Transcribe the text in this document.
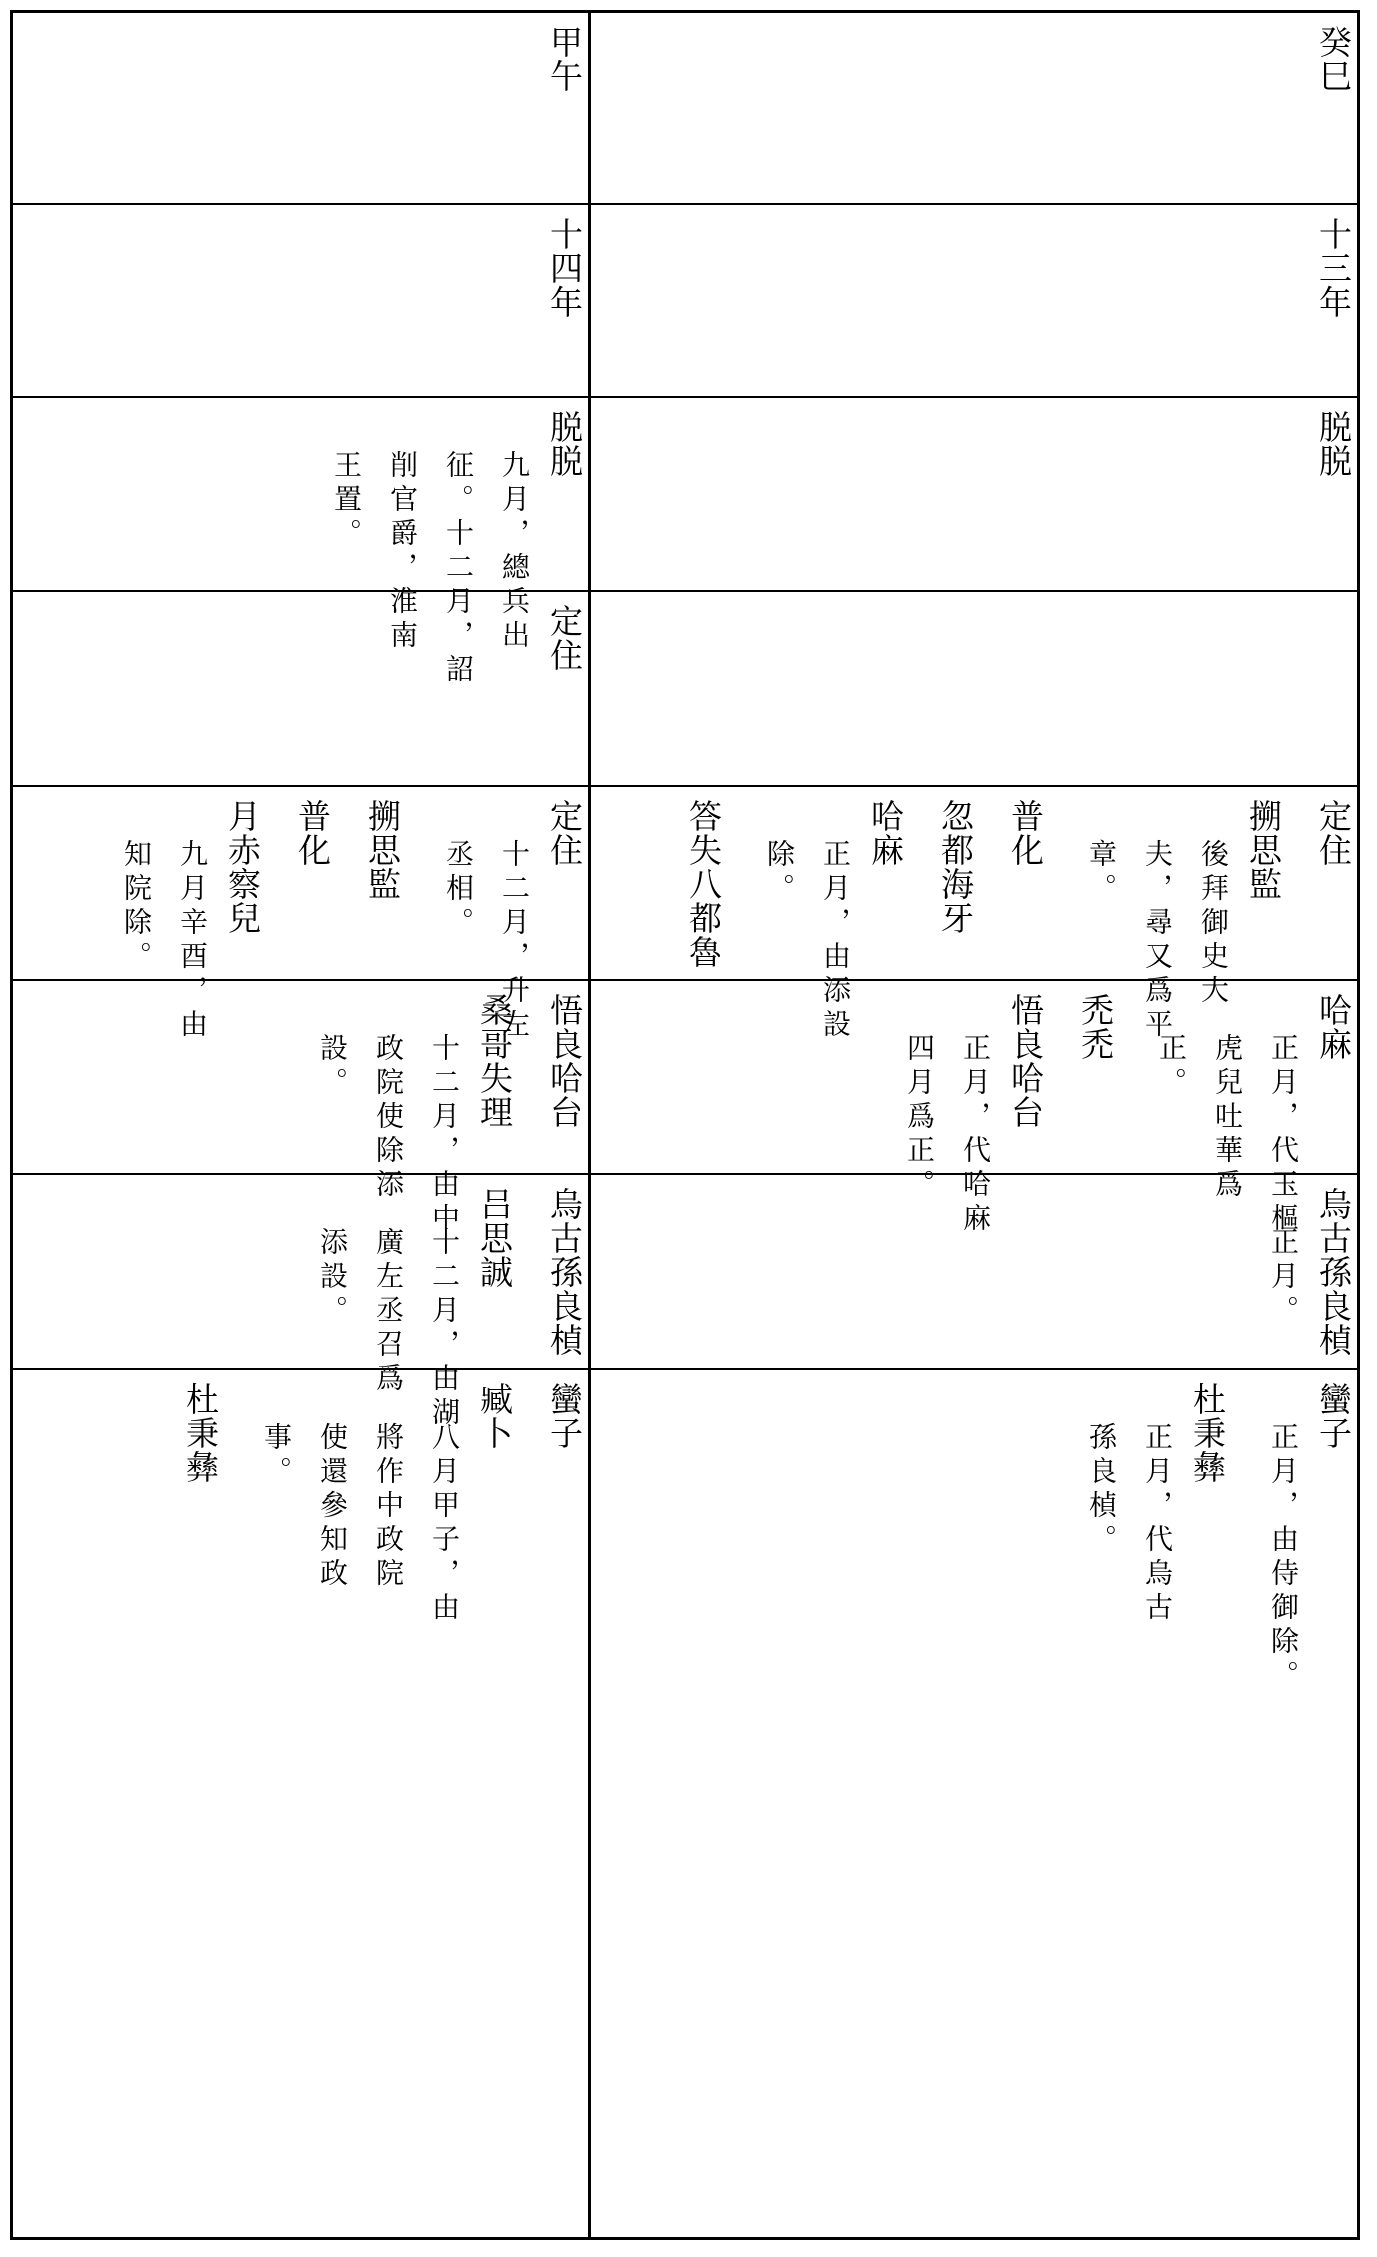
癸巳
甲午
十三年
十四年
脱脱
脱脱
九月，總兵出
征。十二月，詔
削官爵，淮南
王置。
定住
定住
搠思監
後拜御史大
夫，尋又爲平
章。
普化
忽都海牙
哈麻
正月，由添設
除。
答失八都魯
定住
十二月，升左
丞相。
搠思監
普化
月赤察兒
九月辛酉，由
知院除。
哈麻
正月，代玉樞
虎兒吐華爲
正。
禿禿
悟良哈台
正月，代哈麻
四月爲正。
悟良哈台
桑哥失理
十二月，由中
政院使除添
設。
烏古孫良楨
正月。
烏古孫良楨
吕思誠
十二月，由湖
廣左丞召爲
添設。
蠻子
正月，由侍御除。
杜秉彝
正月，代烏古
孫良楨。
蠻子
臧卜
八月甲子，由
將作中政院
使還參知政
事。
杜秉彝
